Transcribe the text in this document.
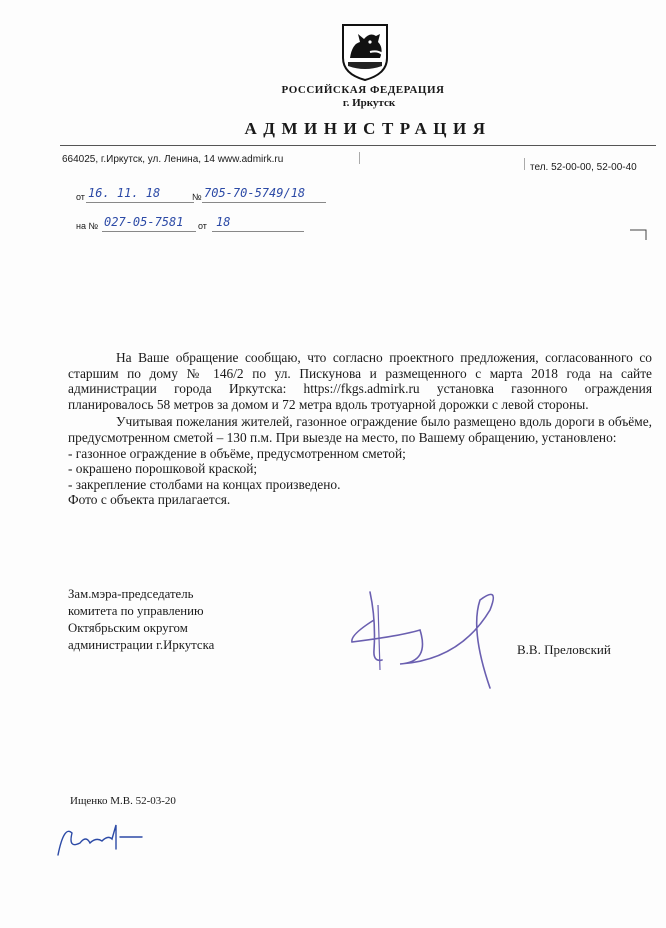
РОССИЙСКАЯ ФЕДЕРАЦИЯ
г. Иркутск
АДМИНИСТРАЦИЯ
664025, г.Иркутск, ул. Ленина, 14 www.admirk.ru
тел. 52-00-00, 52-00-40
от 16. 11. 18	№ 705-70-5749/18
на № 027-05-7581 от 18

На Ваше обращение сообщаю, что согласно проектного предложения, согласованного со старшим по дому № 146/2 по ул. Пискунова и размещенного с марта 2018 года на сайте администрации города Иркутска: https://fkgs.admirk.ru установка газонного ограждения планировалось 58 метров за домом и 72 метра вдоль тротуарной дорожки с левой стороны.

Учитывая пожелания жителей, газонное ограждение было размещено вдоль дороги в объёме, предусмотренном сметой – 130 п.м. При выезде на место, по Вашему обращению, установлено:

- газонное ограждение в объёме, предусмотренном сметой;

- окрашено порошковой краской;

- закрепление столбами на концах произведено.

Фото с объекта прилагается.

Зам.мэра-председатель
комитета по управлению
Октябрьским округом
администрации г.Иркутска	В.В. Преловский
Ищенко М.В. 52-03-20
